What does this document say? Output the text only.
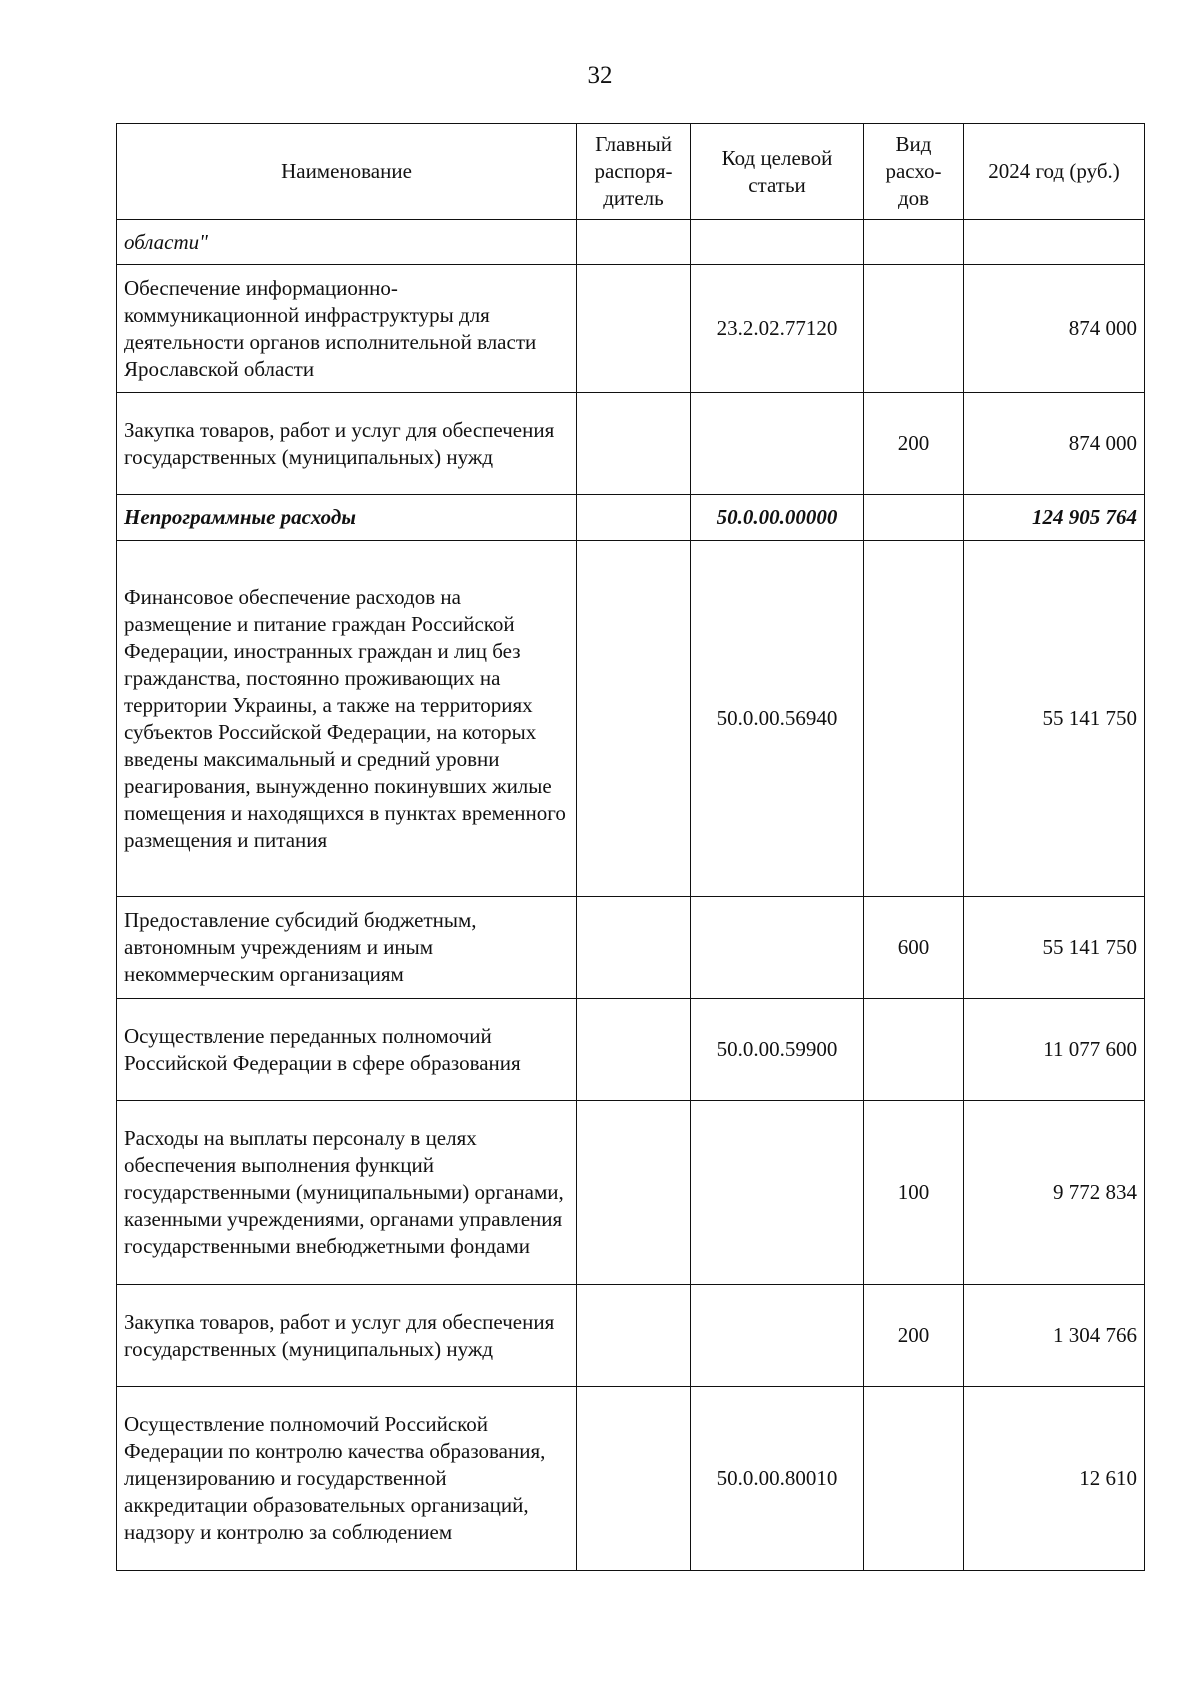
32
Наименование	Главный распоря-дитель	Код целевой статьи	Вид расхо-дов	2024 год (руб.)
области"				
Обеспечение информационно-коммуникационной инфраструктуры для деятельности органов исполнительной власти Ярославской области		23.2.02.77120		874 000
Закупка товаров, работ и услуг для обеспечения государственных (муниципальных) нужд			200	874 000
Непрограммные расходы		50.0.00.00000		124 905 764
Финансовое обеспечение расходов на размещение и питание граждан Российской Федерации, иностранных граждан и лиц без гражданства, постоянно проживающих на территории Украины, а также на территориях субъектов Российской Федерации, на которых введены максимальный и средний уровни реагирования, вынужденно покинувших жилые помещения и находящихся в пунктах временного размещения и питания		50.0.00.56940		55 141 750
Предоставление субсидий бюджетным, автономным учреждениям и иным некоммерческим организациям			600	55 141 750
Осуществление переданных полномочий Российской Федерации в сфере образования		50.0.00.59900		11 077 600
Расходы на выплаты персоналу в целях обеспечения выполнения функций государственными (муниципальными) органами, казенными учреждениями, органами управления государственными внебюджетными фондами			100	9 772 834
Закупка товаров, работ и услуг для обеспечения государственных (муниципальных) нужд			200	1 304 766
Осуществление полномочий Российской Федерации по контролю качества образования, лицензированию и государственной аккредитации образовательных организаций, надзору и контролю за соблюдением		50.0.00.80010		12 610
